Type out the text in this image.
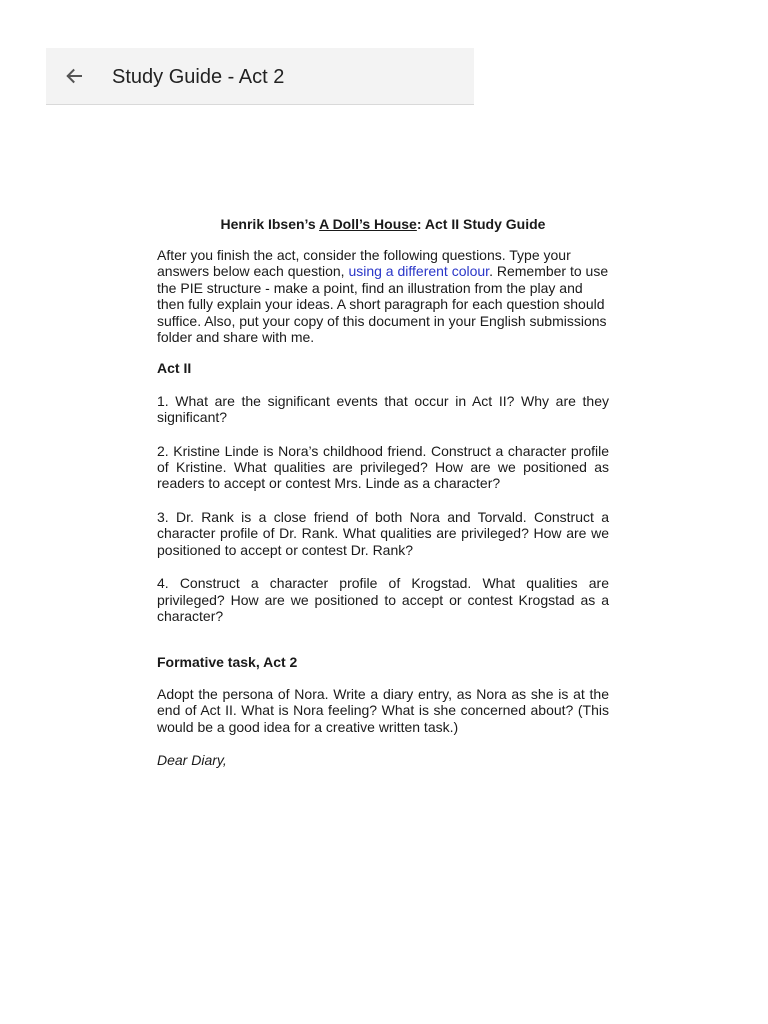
Study Guide - Act 2

Henrik Ibsen’s A Doll’s House: Act II Study Guide

After you finish the act, consider the following questions. Type your answers below each question, using a different colour. Remember to use the PIE structure - make a point, find an illustration from the play and then fully explain your ideas. A short paragraph for each question should suffice. Also, put your copy of this document in your English submissions folder and share with me.

Act II

1. What are the significant events that occur in Act II? Why are they significant?

2. Kristine Linde is Nora’s childhood friend. Construct a character profile of Kristine. What qualities are privileged? How are we positioned as readers to accept or contest Mrs. Linde as a character?

3. Dr. Rank is a close friend of both Nora and Torvald. Construct a character profile of Dr. Rank. What qualities are privileged? How are we positioned to accept or contest Dr. Rank?

4. Construct a character profile of Krogstad. What qualities are privileged? How are we positioned to accept or contest Krogstad as a character?

Formative task, Act 2

Adopt the persona of Nora. Write a diary entry, as Nora as she is at the end of Act II. What is Nora feeling? What is she concerned about? (This would be a good idea for a creative written task.)

Dear Diary,
